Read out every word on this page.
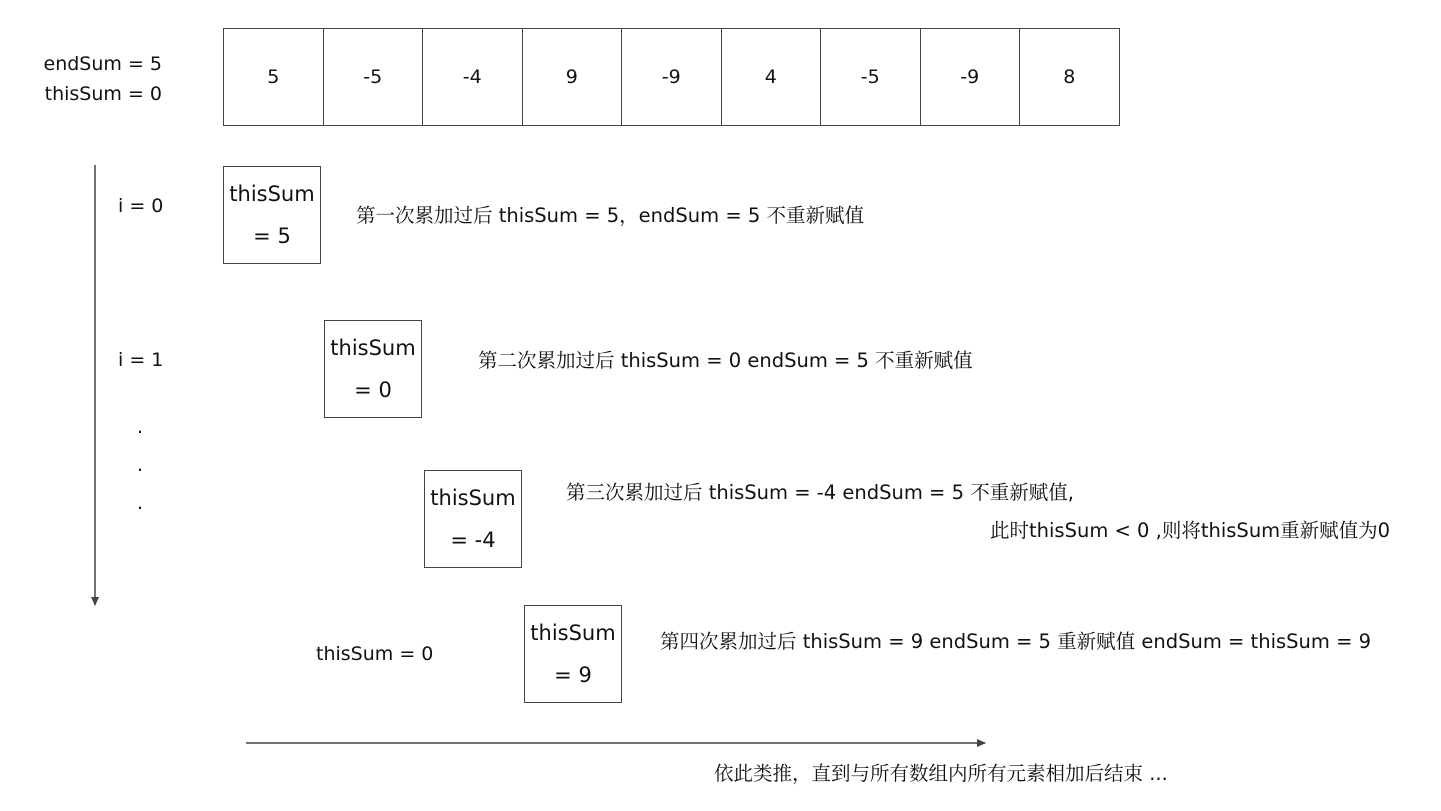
endSum = 5
thisSum = 0
5	-5	-4	9	-9	4	-5	-9	8
i = 0
i = 1
.
.
.
thisSum = 0
thisSum
= 5
第一次累加过后 thisSum = 5，endSum = 5 不重新赋值
thisSum
= 0
第二次累加过后 thisSum = 0 endSum = 5 不重新赋值
thisSum
= -4
第三次累加过后 thisSum = -4 endSum = 5 不重新赋值,
此时thisSum < 0 ,则将thisSum重新赋值为0
thisSum
= 9
第四次累加过后 thisSum = 9 endSum = 5 重新赋值 endSum = thisSum = 9
依此类推，直到与所有数组内所有元素相加后结束 ...
